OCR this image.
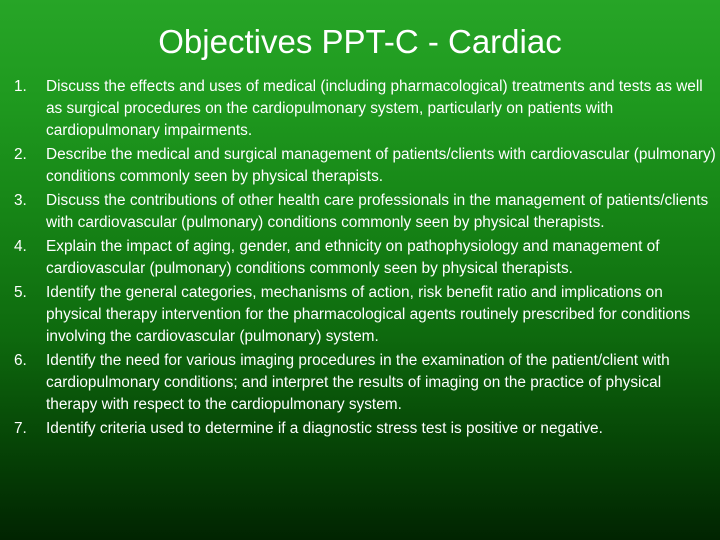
Objectives PPT-C - Cardiac
1.	Discuss the effects and uses of medical (including pharmacological) treatments and tests as well as surgical procedures on the cardiopulmonary system, particularly on patients with cardiopulmonary impairments.
2.	Describe the medical and surgical management of patients/clients with cardiovascular (pulmonary) conditions commonly seen by physical therapists.
3.	Discuss the contributions of other health care professionals in the management of patients/clients with cardiovascular (pulmonary) conditions commonly seen by physical therapists.
4.	Explain the impact of aging, gender, and ethnicity on pathophysiology and management of cardiovascular (pulmonary) conditions commonly seen by physical therapists.
5.	Identify the general categories, mechanisms of action, risk benefit ratio and implications on physical therapy intervention for the pharmacological agents routinely prescribed for conditions involving the cardiovascular (pulmonary) system.
6.	Identify the need for various imaging procedures in the examination of the patient/client with cardiopulmonary conditions; and interpret the results of imaging on the practice of physical therapy with respect to the cardiopulmonary system.
7.	Identify criteria used to determine if a diagnostic stress test is positive or negative.
